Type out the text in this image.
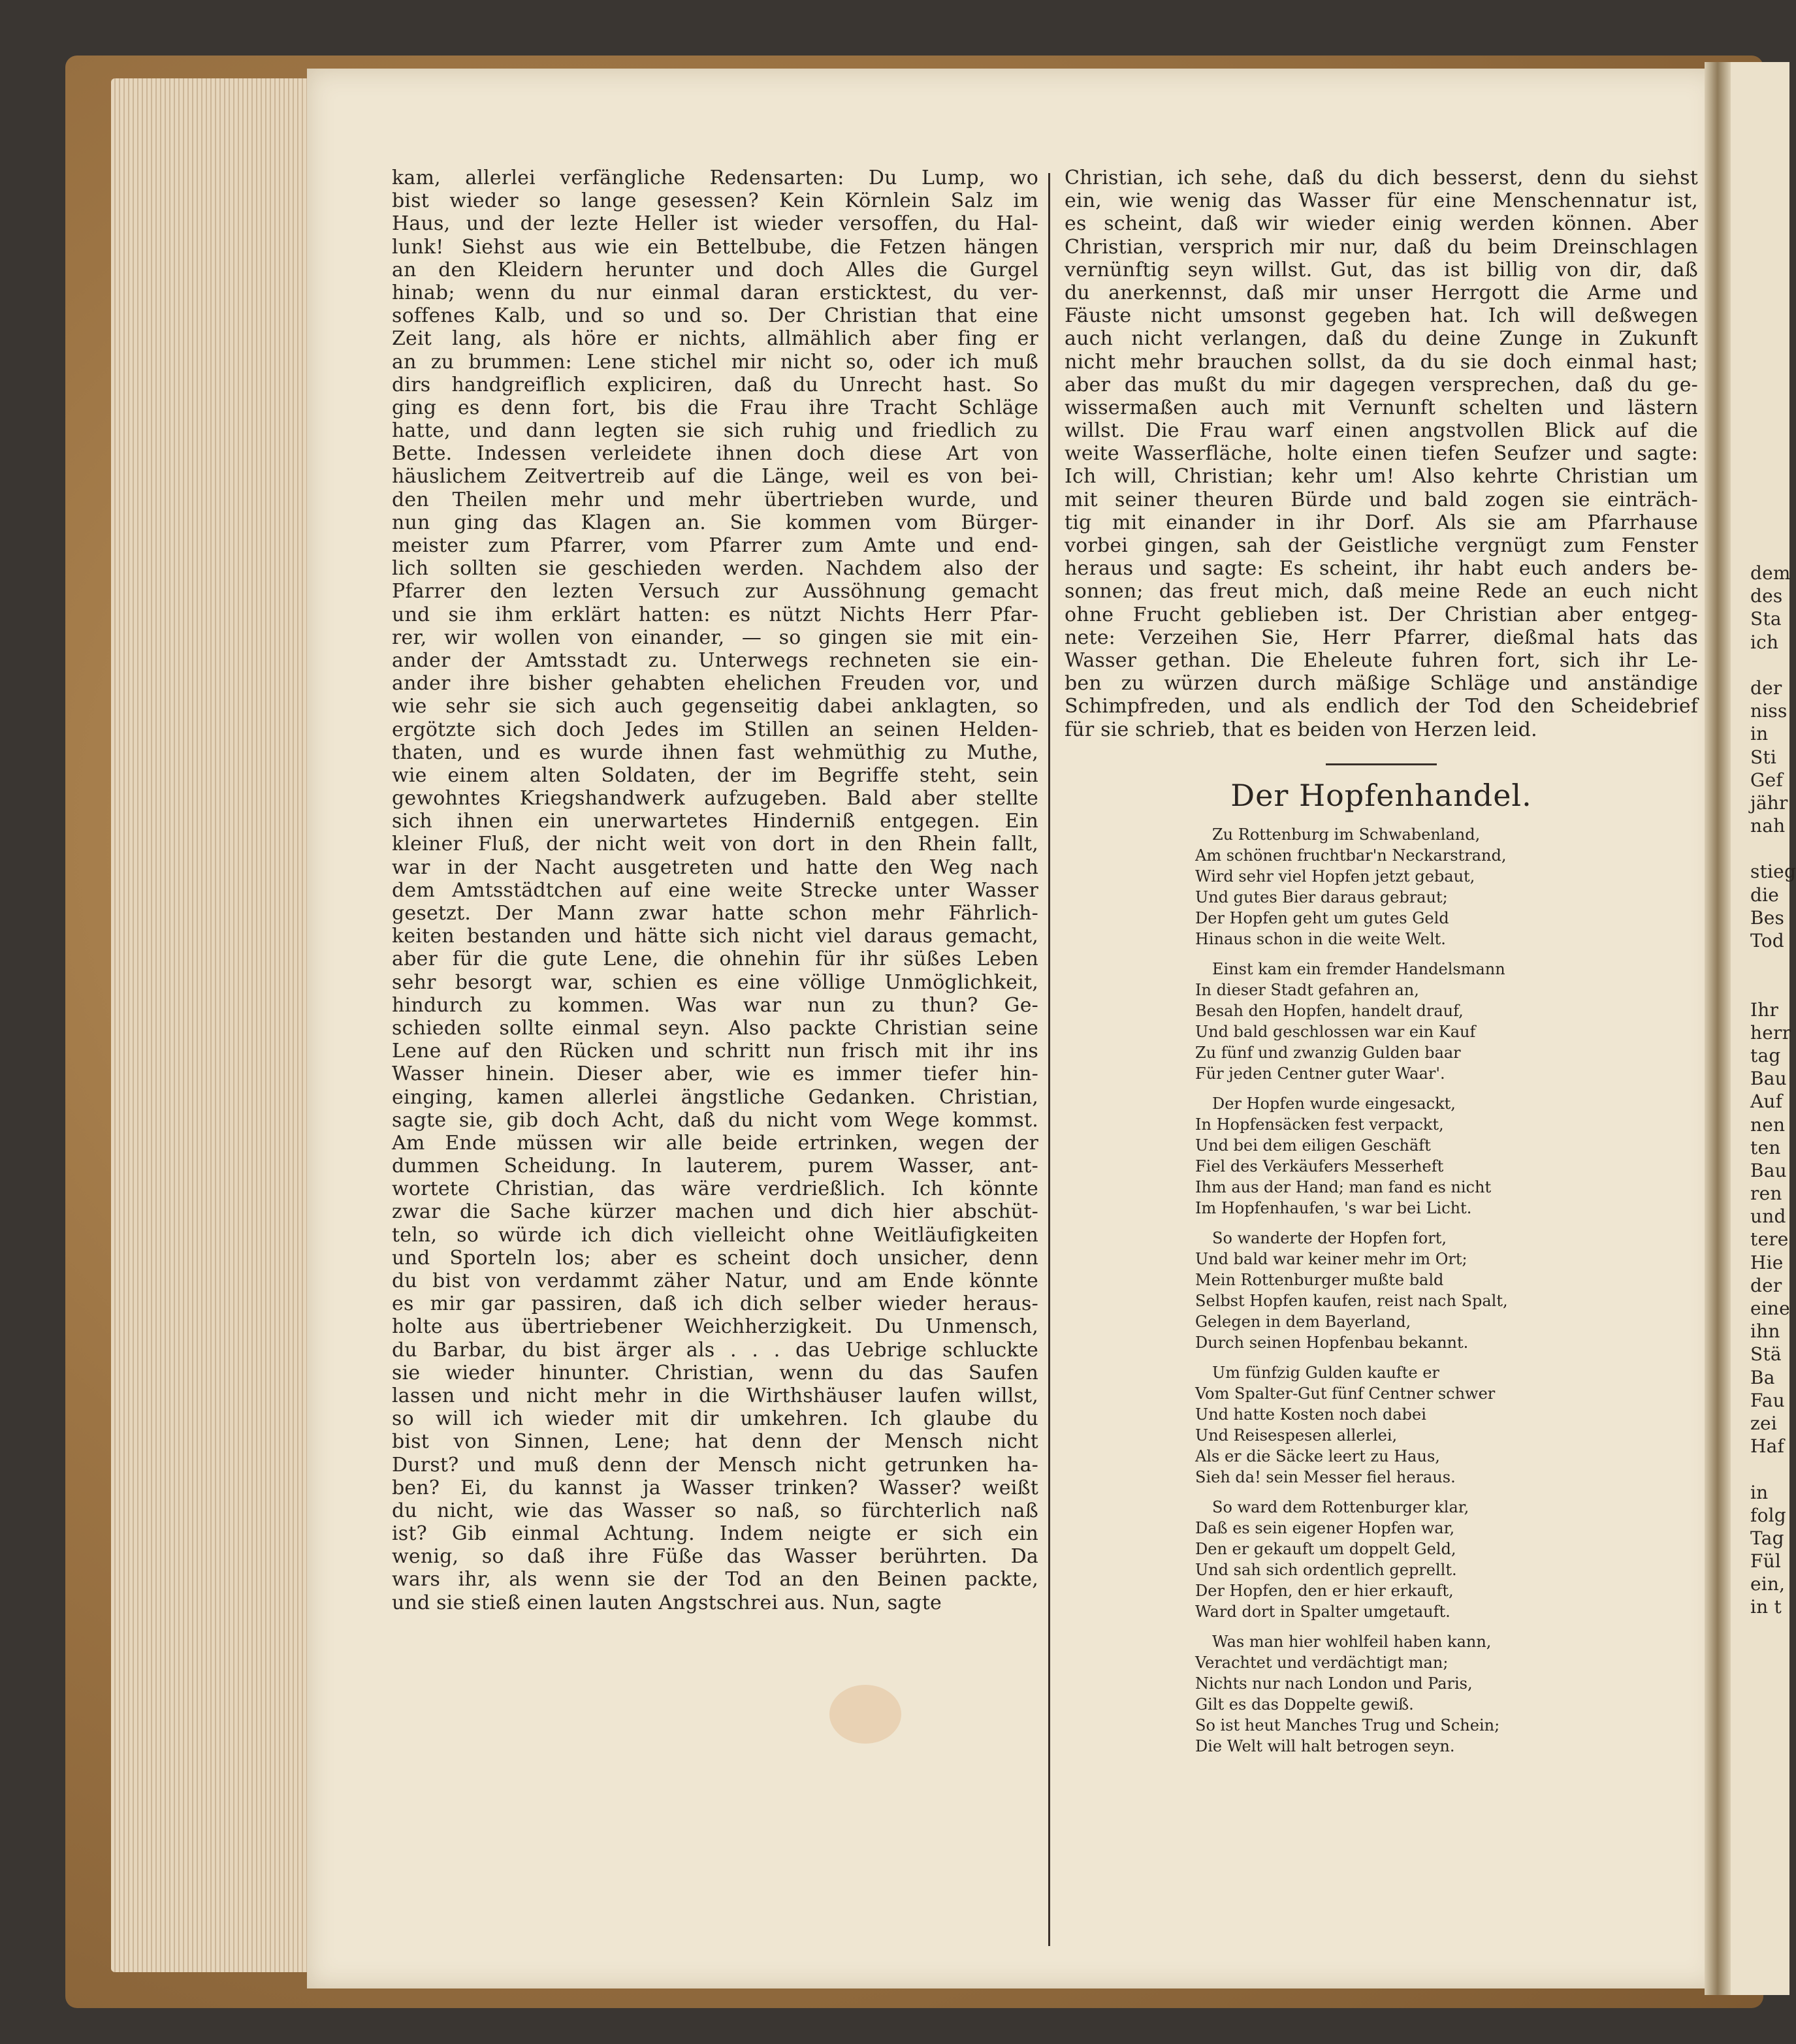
kam, allerlei verfängliche Redensarten: Du Lump, wo
bist wieder so lange gesessen? Kein Körnlein Salz im
Haus, und der lezte Heller ist wieder versoffen, du Hal-
lunk! Siehst aus wie ein Bettelbube, die Fetzen hängen
an den Kleidern herunter und doch Alles die Gurgel
hinab; wenn du nur einmal daran ersticktest, du ver-
soffenes Kalb, und so und so. Der Christian that eine
Zeit lang, als höre er nichts, allmählich aber fing er
an zu brummen: Lene stichel mir nicht so, oder ich muß
dirs handgreiflich expliciren, daß du Unrecht hast. So
ging es denn fort, bis die Frau ihre Tracht Schläge
hatte, und dann legten sie sich ruhig und friedlich zu
Bette. Indessen verleidete ihnen doch diese Art von
häuslichem Zeitvertreib auf die Länge, weil es von bei-
den Theilen mehr und mehr übertrieben wurde, und
nun ging das Klagen an. Sie kommen vom Bürger-
meister zum Pfarrer, vom Pfarrer zum Amte und end-
lich sollten sie geschieden werden. Nachdem also der
Pfarrer den lezten Versuch zur Aussöhnung gemacht
und sie ihm erklärt hatten: es nützt Nichts Herr Pfar-
rer, wir wollen von einander, — so gingen sie mit ein-
ander der Amtsstadt zu. Unterwegs rechneten sie ein-
ander ihre bisher gehabten ehelichen Freuden vor, und
wie sehr sie sich auch gegenseitig dabei anklagten, so
ergötzte sich doch Jedes im Stillen an seinen Helden-
thaten, und es wurde ihnen fast wehmüthig zu Muthe,
wie einem alten Soldaten, der im Begriffe steht, sein
gewohntes Kriegshandwerk aufzugeben. Bald aber stellte
sich ihnen ein unerwartetes Hinderniß entgegen. Ein
kleiner Fluß, der nicht weit von dort in den Rhein fallt,
war in der Nacht ausgetreten und hatte den Weg nach
dem Amtsstädtchen auf eine weite Strecke unter Wasser
gesetzt. Der Mann zwar hatte schon mehr Fährlich-
keiten bestanden und hätte sich nicht viel daraus gemacht,
aber für die gute Lene, die ohnehin für ihr süßes Leben
sehr besorgt war, schien es eine völlige Unmöglichkeit,
hindurch zu kommen. Was war nun zu thun? Ge-
schieden sollte einmal seyn. Also packte Christian seine
Lene auf den Rücken und schritt nun frisch mit ihr ins
Wasser hinein. Dieser aber, wie es immer tiefer hin-
einging, kamen allerlei ängstliche Gedanken. Christian,
sagte sie, gib doch Acht, daß du nicht vom Wege kommst.
Am Ende müssen wir alle beide ertrinken, wegen der
dummen Scheidung. In lauterem, purem Wasser, ant-
wortete Christian, das wäre verdrießlich. Ich könnte
zwar die Sache kürzer machen und dich hier abschüt-
teln, so würde ich dich vielleicht ohne Weitläufigkeiten
und Sporteln los; aber es scheint doch unsicher, denn
du bist von verdammt zäher Natur, und am Ende könnte
es mir gar passiren, daß ich dich selber wieder heraus-
holte aus übertriebener Weichherzigkeit. Du Unmensch,
du Barbar, du bist ärger als . . . das Uebrige schluckte
sie wieder hinunter. Christian, wenn du das Saufen
lassen und nicht mehr in die Wirthshäuser laufen willst,
so will ich wieder mit dir umkehren. Ich glaube du
bist von Sinnen, Lene; hat denn der Mensch nicht
Durst? und muß denn der Mensch nicht getrunken ha-
ben? Ei, du kannst ja Wasser trinken? Wasser? weißt
du nicht, wie das Wasser so naß, so fürchterlich naß
ist? Gib einmal Achtung. Indem neigte er sich ein
wenig, so daß ihre Füße das Wasser berührten. Da
wars ihr, als wenn sie der Tod an den Beinen packte,
und sie stieß einen lauten Angstschrei aus. Nun, sagte
Christian, ich sehe, daß du dich besserst, denn du siehst
ein, wie wenig das Wasser für eine Menschennatur ist,
es scheint, daß wir wieder einig werden können. Aber
Christian, versprich mir nur, daß du beim Dreinschlagen
vernünftig seyn willst. Gut, das ist billig von dir, daß
du anerkennst, daß mir unser Herrgott die Arme und
Fäuste nicht umsonst gegeben hat. Ich will deßwegen
auch nicht verlangen, daß du deine Zunge in Zukunft
nicht mehr brauchen sollst, da du sie doch einmal hast;
aber das mußt du mir dagegen versprechen, daß du ge-
wissermaßen auch mit Vernunft schelten und lästern
willst. Die Frau warf einen angstvollen Blick auf die
weite Wasserfläche, holte einen tiefen Seufzer und sagte:
Ich will, Christian; kehr um! Also kehrte Christian um
mit seiner theuren Bürde und bald zogen sie einträch-
tig mit einander in ihr Dorf. Als sie am Pfarrhause
vorbei gingen, sah der Geistliche vergnügt zum Fenster
heraus und sagte: Es scheint, ihr habt euch anders be-
sonnen; das freut mich, daß meine Rede an euch nicht
ohne Frucht geblieben ist. Der Christian aber entgeg-
nete: Verzeihen Sie, Herr Pfarrer, dießmal hats das
Wasser gethan. Die Eheleute fuhren fort, sich ihr Le-
ben zu würzen durch mäßige Schläge und anständige
Schimpfreden, und als endlich der Tod den Scheidebrief
für sie schrieb, that es beiden von Herzen leid.
Der Hopfenhandel.
Zu Rottenburg im Schwabenland,
Am schönen fruchtbar'n Neckarstrand,
Wird sehr viel Hopfen jetzt gebaut,
Und gutes Bier daraus gebraut;
Der Hopfen geht um gutes Geld
Hinaus schon in die weite Welt.
Einst kam ein fremder Handelsmann
In dieser Stadt gefahren an,
Besah den Hopfen, handelt drauf,
Und bald geschlossen war ein Kauf
Zu fünf und zwanzig Gulden baar
Für jeden Centner guter Waar'.
Der Hopfen wurde eingesackt,
In Hopfensäcken fest verpackt,
Und bei dem eiligen Geschäft
Fiel des Verkäufers Messerheft
Ihm aus der Hand; man fand es nicht
Im Hopfenhaufen, 's war bei Licht.
So wanderte der Hopfen fort,
Und bald war keiner mehr im Ort;
Mein Rottenburger mußte bald
Selbst Hopfen kaufen, reist nach Spalt,
Gelegen in dem Bayerland,
Durch seinen Hopfenbau bekannt.
Um fünfzig Gulden kaufte er
Vom Spalter-Gut fünf Centner schwer
Und hatte Kosten noch dabei
Und Reisespesen allerlei,
Als er die Säcke leert zu Haus,
Sieh da! sein Messer fiel heraus.
So ward dem Rottenburger klar,
Daß es sein eigener Hopfen war,
Den er gekauft um doppelt Geld,
Und sah sich ordentlich geprellt.
Der Hopfen, den er hier erkauft,
Ward dort in Spalter umgetauft.
Was man hier wohlfeil haben kann,
Verachtet und verdächtigt man;
Nichts nur nach London und Paris,
Gilt es das Doppelte gewiß.
So ist heut Manches Trug und Schein;
Die Welt will halt betrogen seyn.
dem
des
Sta
ich
der
niss
in
Sti
Gef
jähr
nah
stieg
die
Bes
Tod
Ihr
herr
tag
Bau
Auf
nen
ten
Bau
ren
und
tere
Hie
der
eine
ihn
Stä
Ba
Fau
zei
Haf
in
folg
Tag
Fül
ein,
in t
